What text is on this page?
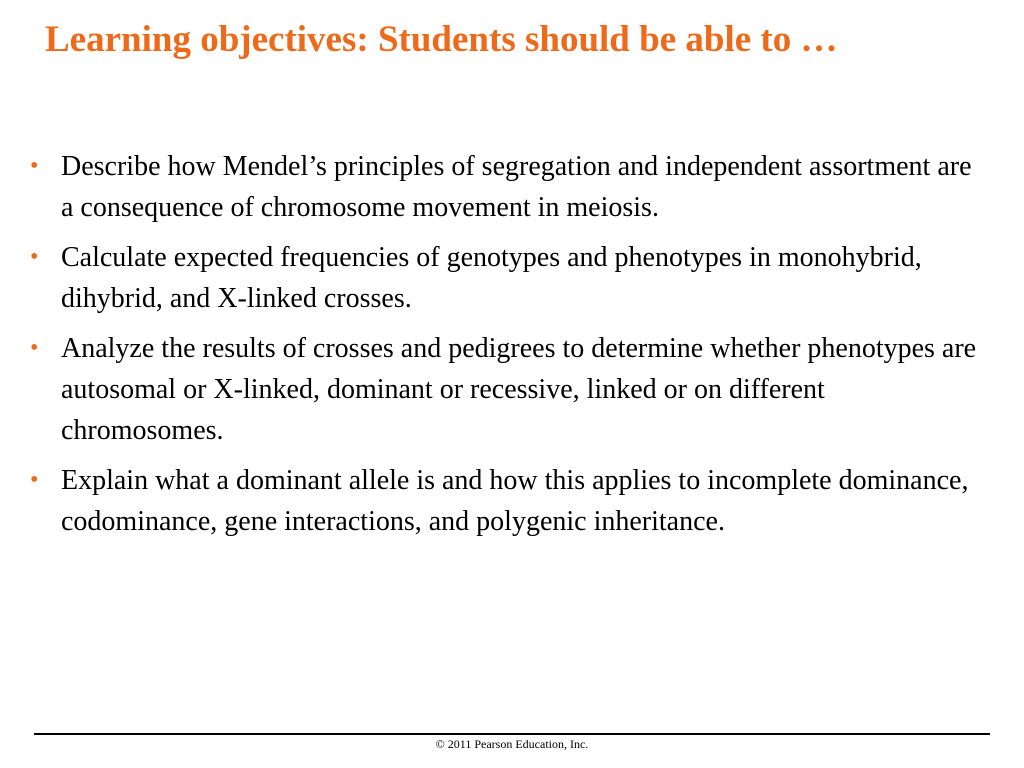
Learning objectives: Students should be able to …
• Describe how Mendel’s principles of segregation and independent assortment are a consequence of chromosome movement in meiosis.
• Calculate expected frequencies of genotypes and phenotypes in monohybrid, dihybrid, and X-linked crosses.
• Analyze the results of crosses and pedigrees to determine whether phenotypes are autosomal or X-linked, dominant or recessive, linked or on different chromosomes.
• Explain what a dominant allele is and how this applies to incomplete dominance, codominance, gene interactions, and polygenic inheritance.
© 2011 Pearson Education, Inc.
